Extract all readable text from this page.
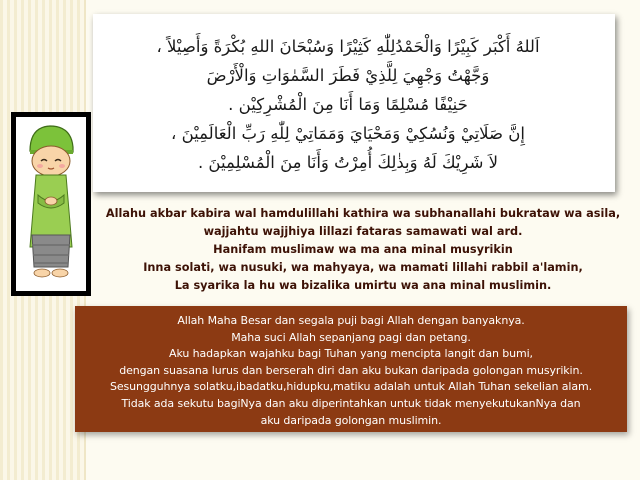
اَللهُ أَكْبَر كَبِيْرًا وَالْحَمْدُلِلّٰهِ كَثِيْرًا وَسُبْحَانَ اللهِ بُكْرَةً وَأَصِيْلاً ،
وَجَّهْتُ وَجْهِيَ لِلَّذِيْ فَطَرَ السَّمٰوَاتِ وَالْأَرْضَ
حَنِيْفًا مُسْلِمًا وَمَا أَنَا مِنَ الْمُشْرِكِيْن .
إِنَّ صَلَاتِيْ وَنُسُكِيْ وَمَحْيَايَ وَمَمَاتِيْ لِلّٰهِ رَبِّ الْعَالَمِيْنَ ،
لاَ شَرِيْكَ لَهُ وَبِذٰلِكَ أُمِرْتُ وَأَنَا مِنَ الْمُسْلِمِيْنَ .
Allahu akbar kabira wal hamdulillahi kathira wa subhanallahi bukrataw wa asila,
wajjahtu wajjhiya lillazi fataras samawati wal ard.
Hanifam muslimaw wa ma ana minal musyrikin
Inna solati, wa nusuki, wa mahyaya, wa mamati lillahi rabbil a'lamin,
La syarika la hu wa bizalika umirtu wa ana minal muslimin.
Allah Maha Besar dan segala puji bagi Allah dengan banyaknya.
Maha suci Allah sepanjang pagi dan petang.
Aku hadapkan wajahku bagi Tuhan yang mencipta langit dan bumi,
dengan suasana lurus dan berserah diri dan aku bukan daripada golongan musyrikin.
Sesungguhnya solatku,ibadatku,hidupku,matiku adalah untuk Allah Tuhan sekelian alam.
Tidak ada sekutu bagiNya dan aku diperintahkan untuk tidak menyekutukanNya dan
aku daripada golongan muslimin.
